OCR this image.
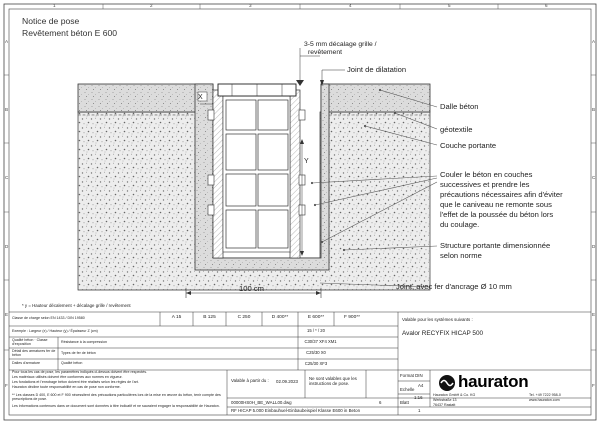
1	2	3	4	5	6
A
B
C
D
E
F
A
B
C
D
E
F
Notice de pose
Revêtement béton E 600
3-5 mm décalage grille /
revêtement
X
Y
100 cm
Joint de dilatation
Dalle béton
géotextile
Couche portante
Couler le béton en couches
successives et prendre les
précautions nécessaires afin d'éviter
que le caniveau ne remonte sous
l'effet de la poussée du béton lors
du coulage.
Structure portante dimensionnée
selon norme
Joint, avec fer d'ancrage Ø 10 mm
* y = Hauteur décalement + décalage grille / revêtement
Classe de charge selon EN 1433 / DIN 19580	A 15	B 125	C 250	D 400**	E 600**	F 900**
Exemple : Largeur (x) / Hauteur (y) / Épaisseur Z (cm)	15 / * / 20
Qualité béton · Classe d'exposition	Résistance à la compression	C30/37 XF4 XM1
Détail des armatures fer de béton	Types de fer de béton	C25/30 X0
Dalles d'armature	Qualité béton	C25/30 XF3
Valable pour les systèmes suivants :
Avalor RECYFIX HICAP 500
Pour tous les cas de pose, les paramètres indiqués ci-dessus doivent être respectés.
Les matériaux utilisés doivent être conformes aux normes en vigueur.
Les fondations et l'enrobage béton doivent être réalisés selon les règles de l'art.
Hauraton décline toute responsabilité en cas de pose non conforme.
** Les classes D 400, E 600 et F 900 nécessitent des précautions particulières lors de la mise en œuvre du béton, tenir compte des prescriptions de pose.
Les informations contenues dans ce document sont données à titre indicatif et ne sauraient engager la responsabilité de Hauraton.
Valable à partir du :	02.09.2023
Ne sont valables que les instructions de pose.
6
00000HS0H_BE_WALL00.dwg
RF HICAP 5.000 Einbauhuel-Einbaubeispiel Klasse E600 in Beton
Format DIN
A4
Echelle
1:16
Blatt
1
hauraton
Hauraton GmbH & Co. KG
Werkstraße 13
76437 Rastatt
Tel. +49 7222 958-0
www.hauraton.com
